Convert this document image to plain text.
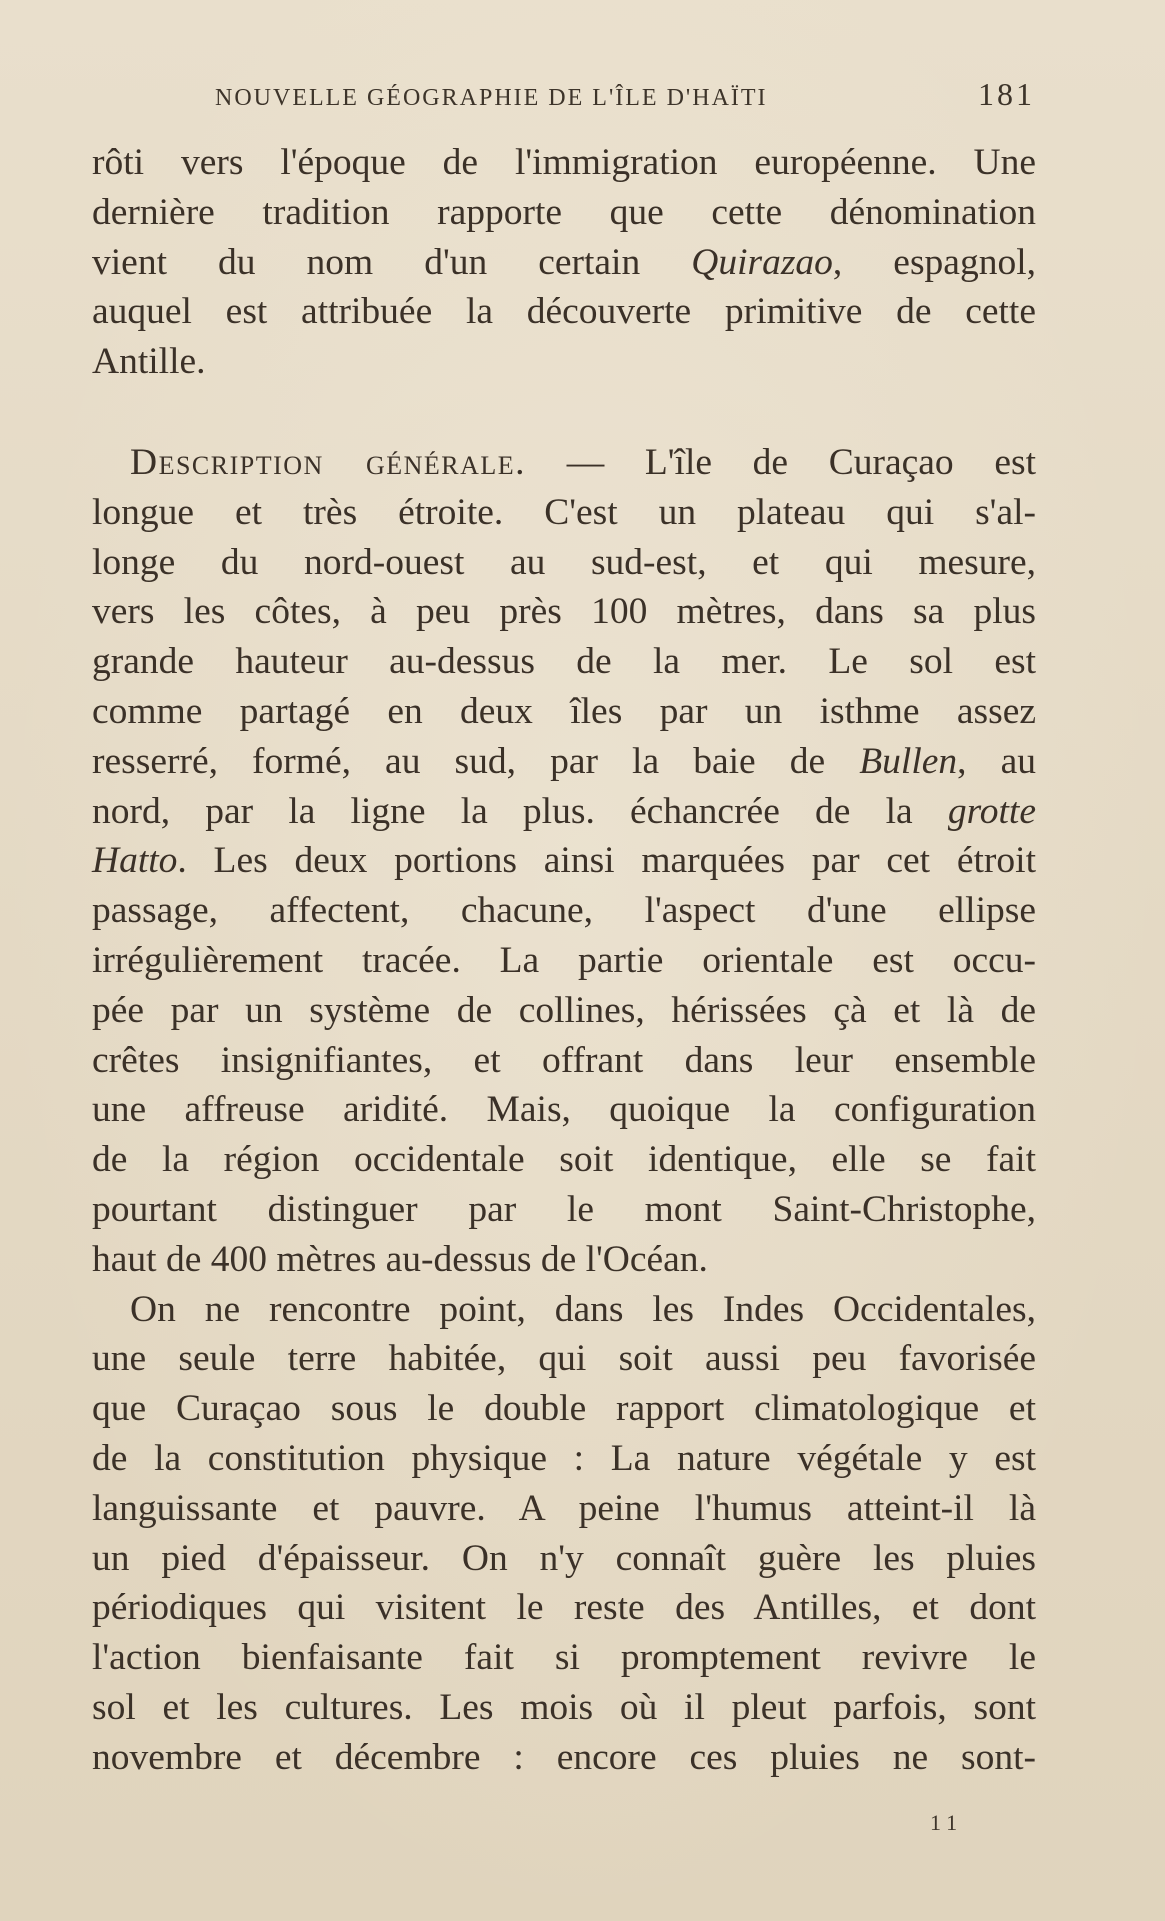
NOUVELLE GÉOGRAPHIE DE L'ÎLE D'HAÏTI	181

rôti vers l'époque de l'immigration européenne. Une
dernière tradition rapporte que cette dénomination
vient du nom d'un certain Quirazao, espagnol,
auquel est attribuée la découverte primitive de cette
Antille.

Description générale. — L'île de Curaçao est
longue et très étroite. C'est un plateau qui s'al-
longe du nord-ouest au sud-est, et qui mesure,
vers les côtes, à peu près 100 mètres, dans sa plus
grande hauteur au-dessus de la mer. Le sol est
comme partagé en deux îles par un isthme assez
resserré, formé, au sud, par la baie de Bullen, au
nord, par la ligne la plus. échancrée de la grotte
Hatto. Les deux portions ainsi marquées par cet étroit
passage, affectent, chacune, l'aspect d'une ellipse
irrégulièrement tracée. La partie orientale est occu-
pée par un système de collines, hérissées çà et là de
crêtes insignifiantes, et offrant dans leur ensemble
une affreuse aridité. Mais, quoique la configuration
de la région occidentale soit identique, elle se fait
pourtant distinguer par le mont Saint-Christophe,
haut de 400 mètres au-dessus de l'Océan.

On ne rencontre point, dans les Indes Occidentales,
une seule terre habitée, qui soit aussi peu favorisée
que Curaçao sous le double rapport climatologique et
de la constitution physique : La nature végétale y est
languissante et pauvre. A peine l'humus atteint-il là
un pied d'épaisseur. On n'y connaît guère les pluies
périodiques qui visitent le reste des Antilles, et dont
l'action bienfaisante fait si promptement revivre le
sol et les cultures. Les mois où il pleut parfois, sont
novembre et décembre : encore ces pluies ne sont-

11
